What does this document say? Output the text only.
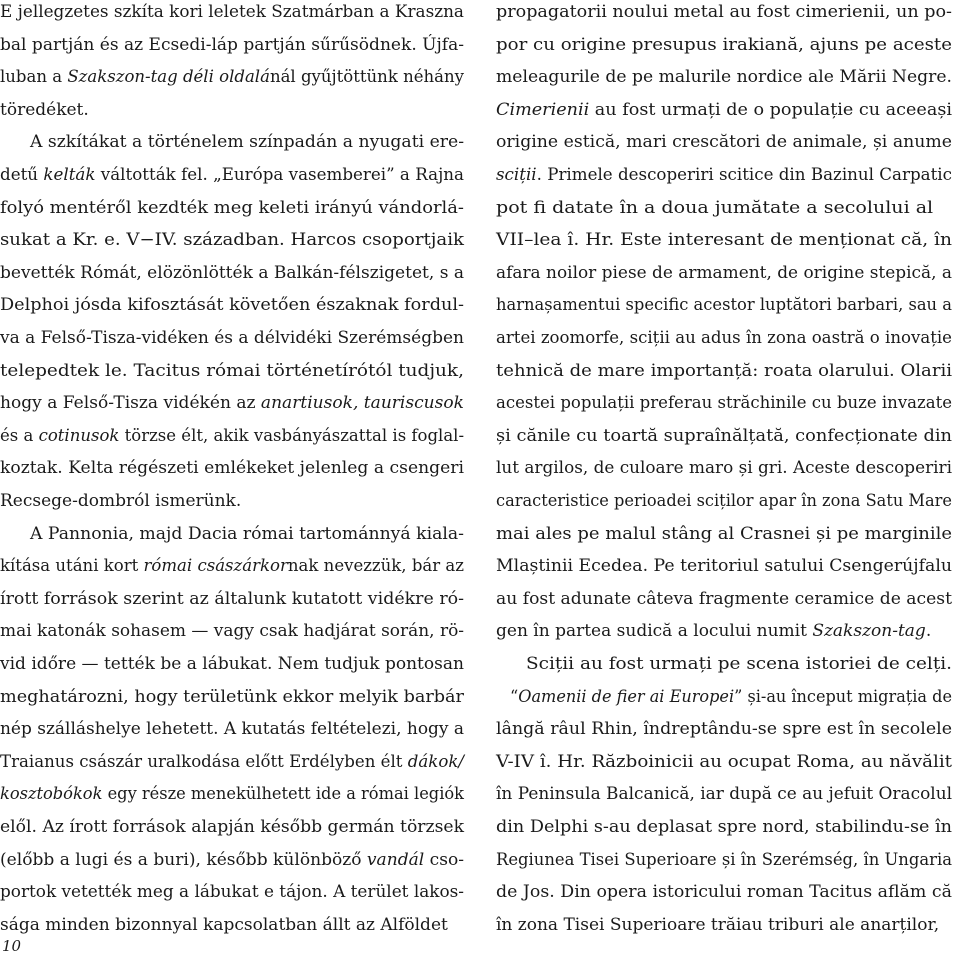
E jellegzetes szkíta kori leletek Szatmárban a Kraszna
bal partján és az Ecsedi-láp partján sűrűsödnek. Újfa-
luban a Szakszon-tag déli oldalánál gyűjtöttünk néhány
töredéket.
A szkítákat a történelem színpadán a nyugati ere-
detű kelták váltották fel. „Európa vasemberei” a Rajna
folyó mentéről kezdték meg keleti irányú vándorlá-
sukat a Kr. e. V−IV. században. Harcos csoportjaik
bevették Rómát, elözönlötték a Balkán-félszigetet, s a
Delphoi jósda kifosztását követően északnak fordul-
va a Felső-Tisza-vidéken és a délvidéki Szerémségben
telepedtek le. Tacitus római történetírótól tudjuk,
hogy a Felső-Tisza vidékén az anartiusok, tauriscusok
és a cotinusok törzse élt, akik vasbányászattal is foglal-
koztak. Kelta régészeti emlékeket jelenleg a csengeri
Recsege-dombról ismerünk.
A Pannonia, majd Dacia római tartománnyá kiala-
kítása utáni kort római császárkornak nevezzük, bár az
írott források szerint az általunk kutatott vidékre ró-
mai katonák sohasem — vagy csak hadjárat során, rö-
vid időre — tették be a lábukat. Nem tudjuk pontosan
meghatározni, hogy területünk ekkor melyik barbár
nép szálláshelye lehetett. A kutatás feltételezi, hogy a
Traianus császár uralkodása előtt Erdélyben élt dákok/
kosztobókok egy része menekülhetett ide a római legiók
elől. Az írott források alapján később germán törzsek
(előbb a lugi és a buri), később különböző vandál cso-
portok vetették meg a lábukat e tájon. A terület lakos-
sága minden bizonnyal kapcsolatban állt az Alföldet
propagatorii noului metal au fost cimerienii, un po-
por cu origine presupus irakiană, ajuns pe aceste
meleagurile de pe malurile nordice ale Mării Negre.
Cimerienii au fost urmați de o populație cu aceeași
origine estică, mari crescători de animale, și anume
sciții. Primele descoperiri scitice din Bazinul Carpatic
pot fi datate în a doua jumătate a secolului al
VII–lea î. Hr. Este interesant de menționat că, în
afara noilor piese de armament, de origine stepică, a
harnașamentui specific acestor luptători barbari, sau a
artei zoomorfe, sciții au adus în zona oastră o inovație
tehnică de mare importanță: roata olarului. Olarii
acestei populații preferau străchinile cu buze invazate
și cănile cu toartă supraînălțată, confecționate din
lut argilos, de culoare maro și gri. Aceste descoperiri
caracteristice perioadei sciților apar în zona Satu Mare
mai ales pe malul stâng al Crasnei și pe marginile
Mlaștinii Ecedea. Pe teritoriul satului Csengerújfalu
au fost adunate câteva fragmente ceramice de acest
gen în partea sudică a locului numit Szakszon-tag.
Sciții au fost urmați pe scena istoriei de celți.
“Oamenii de fier ai Europei” și-au început migrația de
lângă râul Rhin, îndreptându-se spre est în secolele
V-IV î. Hr. Războinicii au ocupat Roma, au năvălit
în Peninsula Balcanică, iar după ce au jefuit Oracolul
din Delphi s-au deplasat spre nord, stabilindu-se în
Regiunea Tisei Superioare și în Szerémség, în Ungaria
de Jos. Din opera istoricului roman Tacitus aflăm că
în zona Tisei Superioare trăiau triburi ale anarților,
10
